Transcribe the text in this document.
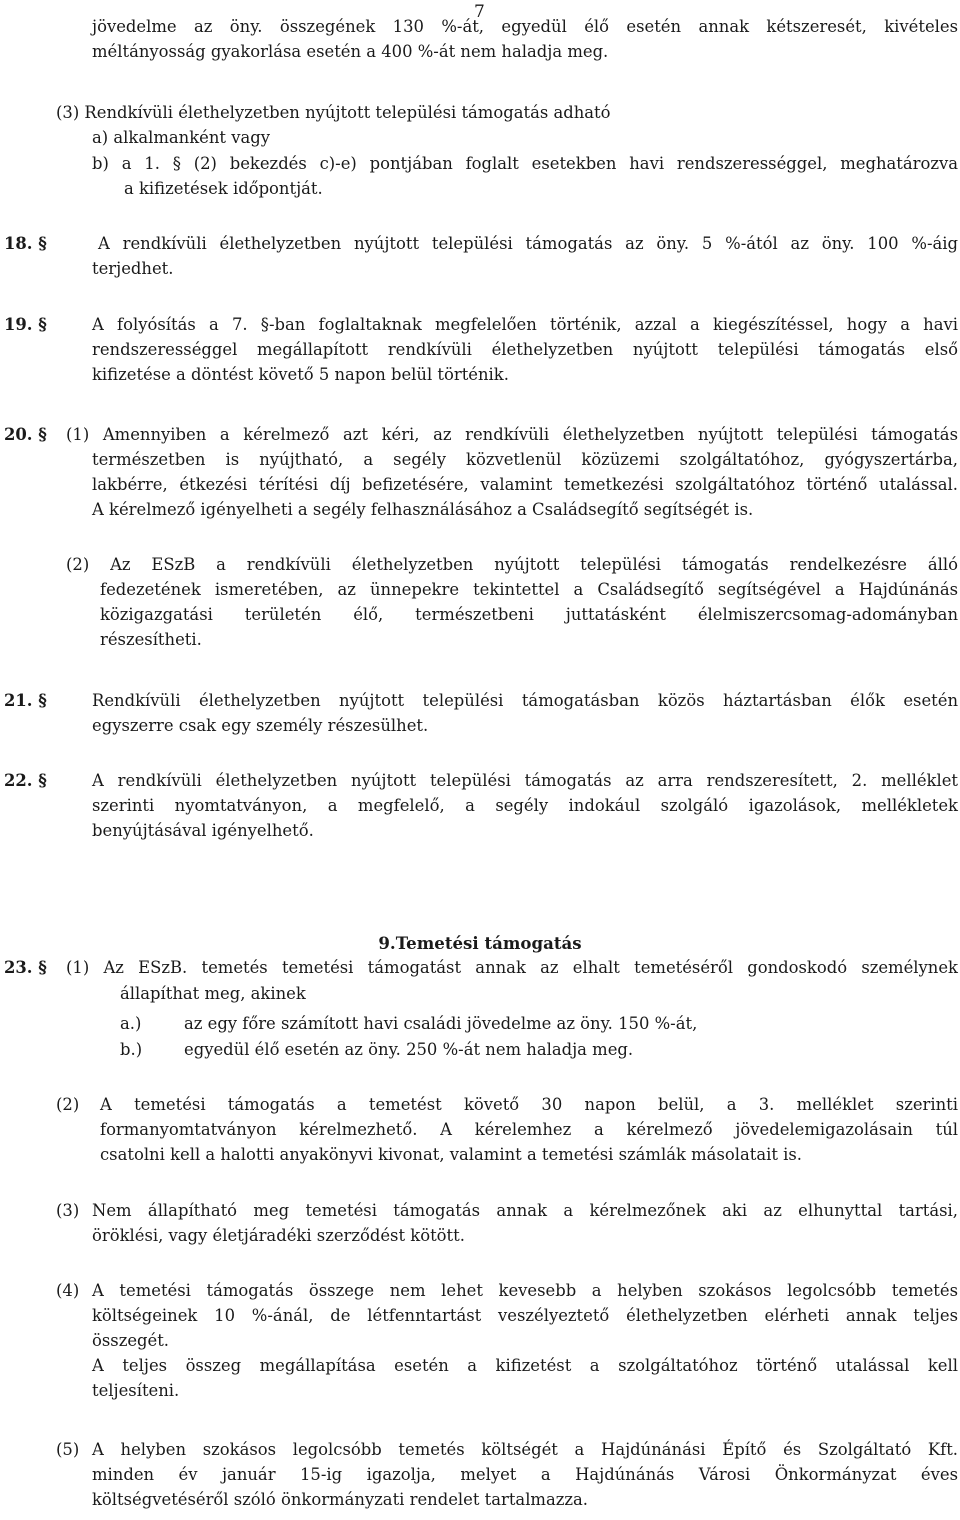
7
jövedelme az öny. összegének 130 %-át, egyedül élő esetén annak kétszeresét, kivételes
méltányosság gyakorlása esetén a 400 %-át nem haladja meg.
(3) Rendkívüli élethelyzetben nyújtott települési támogatás adható
a) alkalmanként vagy
b) a 1. § (2) bekezdés c)-e) pontjában foglalt esetekben havi rendszerességgel, meghatározva
a kifizetések időpontját.
18. §	A rendkívüli élethelyzetben nyújtott települési támogatás az öny. 5 %-ától az öny. 100 %-áig
terjedhet.
19. §	A folyósítás a 7. §-ban foglaltaknak megfelelően történik, azzal a kiegészítéssel, hogy a havi
rendszerességgel megállapított rendkívüli élethelyzetben nyújtott települési támogatás első
kifizetése a döntést követő 5 napon belül történik.
20. § (1) Amennyiben a kérelmező azt kéri, az rendkívüli élethelyzetben nyújtott települési támogatás
természetben is nyújtható, a segély közvetlenül közüzemi szolgáltatóhoz, gyógyszertárba,
lakbérre, étkezési térítési díj befizetésére, valamint temetkezési szolgáltatóhoz történő utalással.
A kérelmező igényelheti a segély felhasználásához a Családsegítő segítségét is.
(2) Az ESzB a rendkívüli élethelyzetben nyújtott települési támogatás rendelkezésre álló
fedezetének ismeretében, az ünnepekre tekintettel a Családsegítő segítségével a Hajdúnánás
közigazgatási területén élő, természetbeni juttatásként élelmiszercsomag-adományban
részesítheti.
21. §	Rendkívüli élethelyzetben nyújtott települési támogatásban közös háztartásban élők esetén
egyszerre csak egy személy részesülhet.
22. §	A rendkívüli élethelyzetben nyújtott települési támogatás az arra rendszeresített, 2. melléklet
szerinti nyomtatványon, a megfelelő, a segély indokául szolgáló igazolások, mellékletek
benyújtásával igényelhető.
9.Temetési támogatás
23. § (1) Az ESzB. temetés temetési támogatást annak az elhalt temetéséről gondoskodó személynek
állapíthat meg, akinek
a.)	az egy főre számított havi családi jövedelme az öny. 150 %-át,
b.)	egyedül élő esetén az öny. 250 %-át nem haladja meg.
(2) A temetési támogatás a temetést követő 30 napon belül, a 3. melléklet szerinti
formanyomtatványon kérelmezhető. A kérelemhez a kérelmező jövedelemigazolásain túl
csatolni kell a halotti anyakönyvi kivonat, valamint a temetési számlák másolatait is.
(3) Nem állapítható meg temetési támogatás annak a kérelmezőnek aki az elhunyttal tartási,
öröklési, vagy életjáradéki szerződést kötött.
(4) A temetési támogatás összege nem lehet kevesebb a helyben szokásos legolcsóbb temetés
költségeinek 10 %-ánál, de létfenntartást veszélyeztető élethelyzetben elérheti annak teljes
összegét.
A teljes összeg megállapítása esetén a kifizetést a szolgáltatóhoz történő utalással kell
teljesíteni.
(5) A helyben szokásos legolcsóbb temetés költségét a Hajdúnánási Építő és Szolgáltató Kft.
minden év január 15-ig igazolja, melyet a Hajdúnánás Városi Önkormányzat éves
költségvetéséről szóló önkormányzati rendelet tartalmazza.
